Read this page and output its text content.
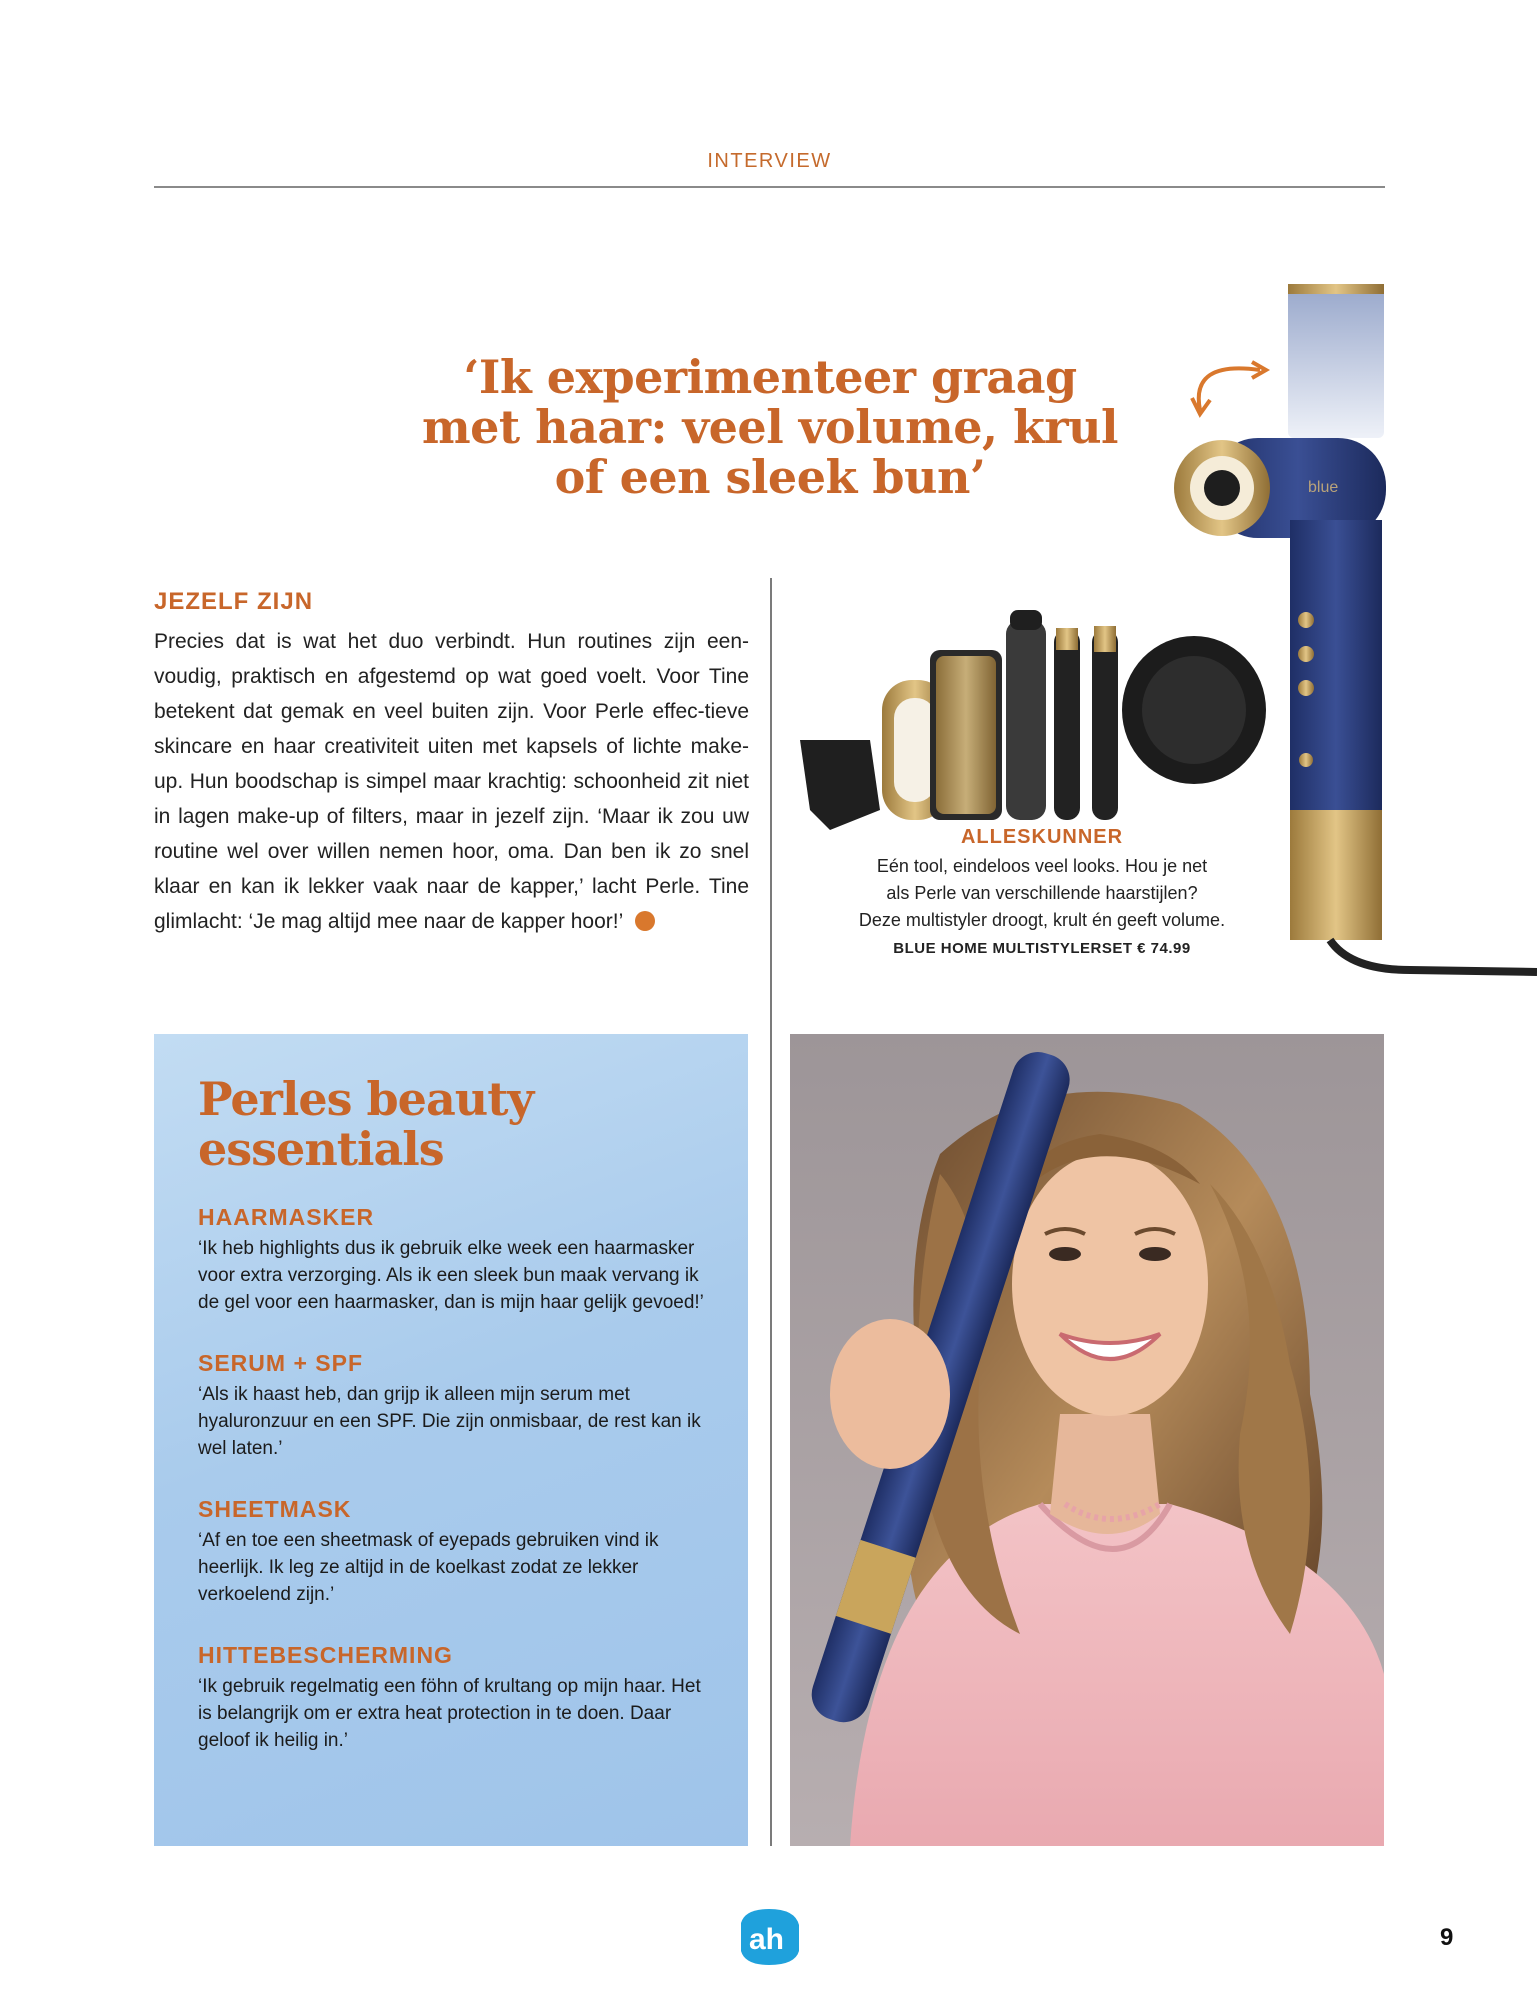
INTERVIEW
‘Ik experimenteer graag
met haar: veel volume, krul
of een sleek bun’
JEZELF ZIJN

Precies dat is wat het duo verbindt. Hun routines zijn een-voudig, praktisch en afgestemd op wat goed voelt. Voor Tine betekent dat gemak en veel buiten zijn. Voor Perle effec-tieve skincare en haar creativiteit uiten met kapsels of lichte make-up. Hun boodschap is simpel maar krachtig: schoonheid zit niet in lagen make-up of filters, maar in jezelf zijn. ‘Maar ik zou uw routine wel over willen nemen hoor, oma. Dan ben ik zo snel klaar en kan ik lekker vaak naar de kapper,’ lacht Perle. Tine glimlacht: ‘Je mag altijd mee naar de kapper hoor!’

blue
ALLESKUNNER
Eén tool, eindeloos veel looks. Hou je net
als Perle van verschillende haarstijlen?
Deze multistyler droogt, krult én geeft volume.
BLUE HOME MULTISTYLERSET € 74.99
Perles beauty
essentials
HAARMASKER

‘Ik heb highlights dus ik gebruik elke week een haarmasker voor extra verzorging. Als ik een sleek bun maak vervang ik de gel voor een haarmasker, dan is mijn haar gelijk gevoed!’

SERUM + SPF

‘Als ik haast heb, dan grijp ik alleen mijn serum met hyaluronzuur en een SPF. Die zijn onmisbaar, de rest kan ik wel laten.’

SHEETMASK

‘Af en toe een sheetmask of eyepads gebruiken vind ik heerlijk. Ik leg ze altijd in de koelkast zodat ze lekker verkoelend zijn.’

HITTEBESCHERMING

‘Ik gebruik regelmatig een föhn of krultang op mijn haar. Het is belangrijk om er extra heat protection in te doen. Daar geloof ik heilig in.’

ah	9
